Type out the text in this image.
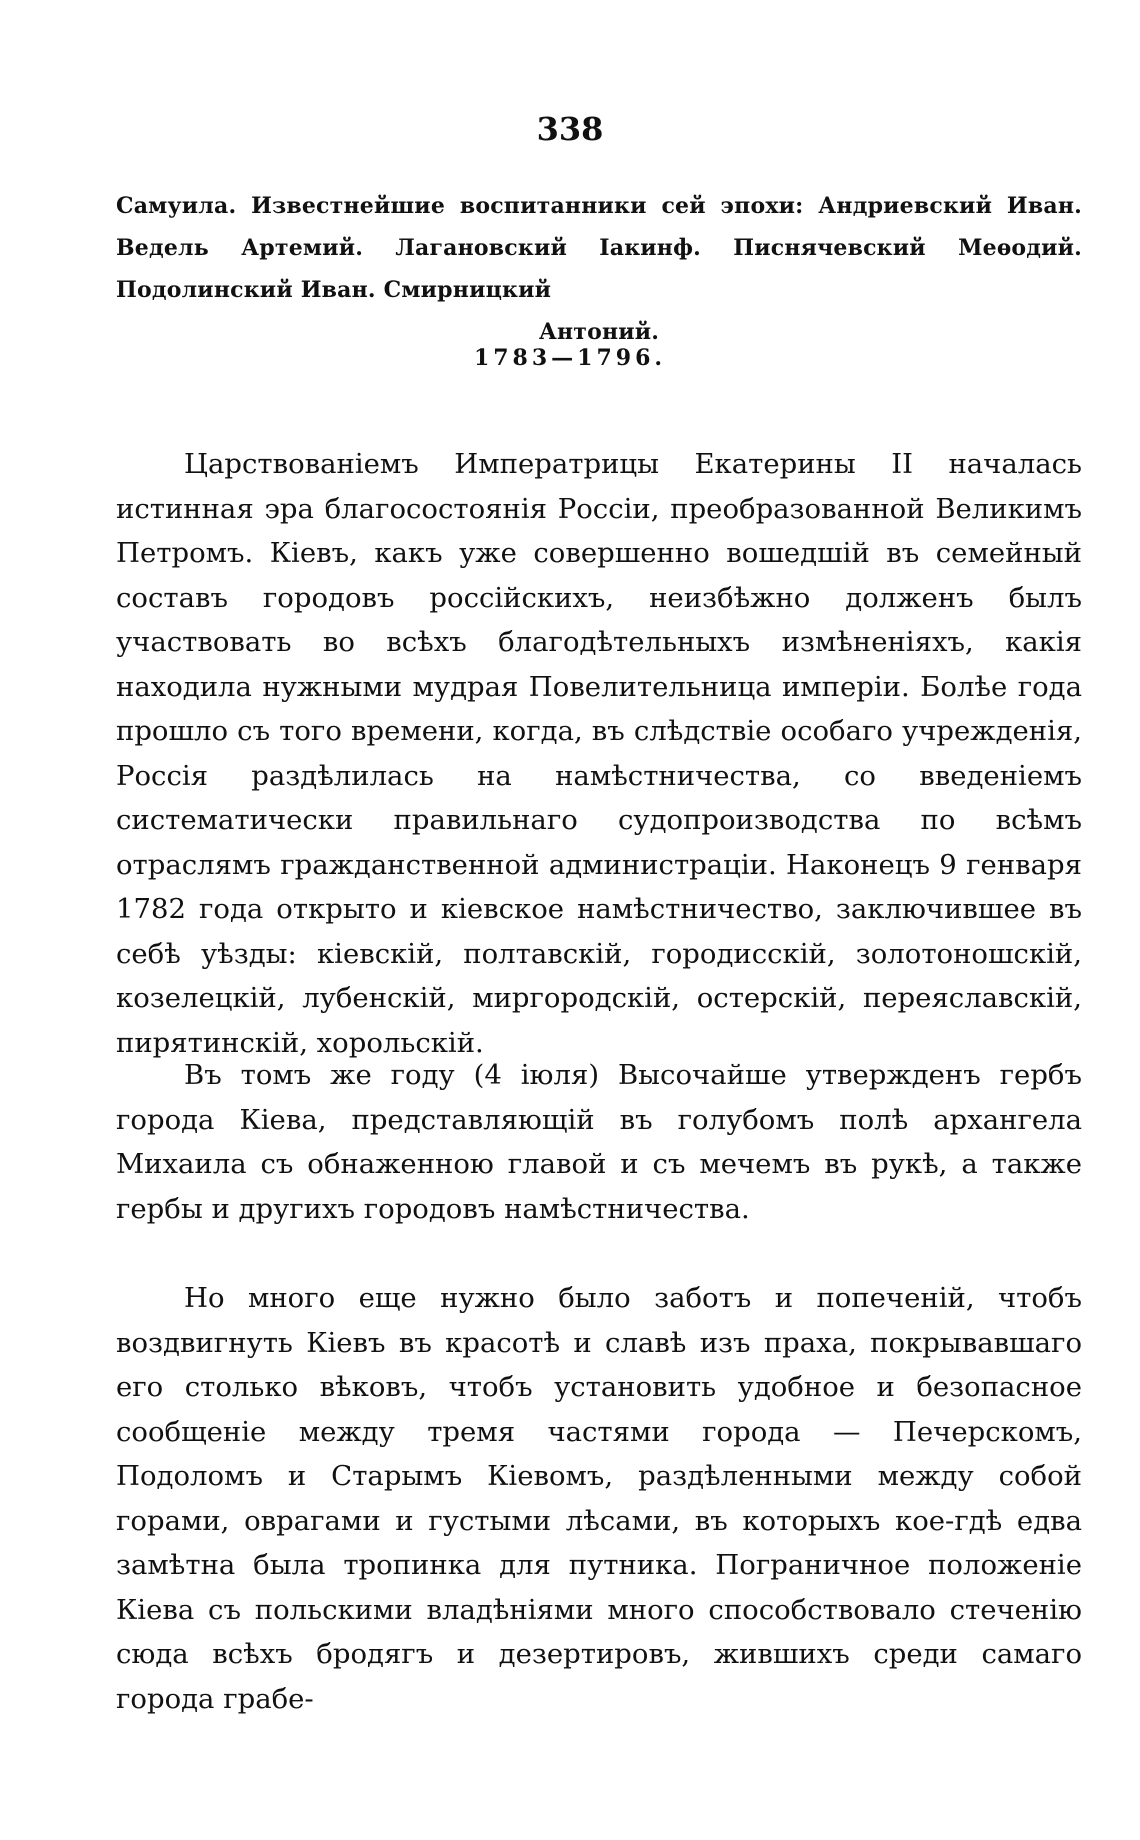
338
Самуила. Известнейшие воспитанники сей эпохи: Андриевский Иван. Ведель Артемий. Лагановский Іакинф. Писнячевский Меѳодий. Подолинский Иван. Смирницкий
Антоний.
1783—1796.

Царствованіемъ Императрицы Екатерины II началась истинная эра благосостоянія Россіи, преобразованной Великимъ Петромъ. Кіевъ, какъ уже совершенно вошедшій въ семейный составъ городовъ россійскихъ, неизбѣжно долженъ былъ участвовать во всѣхъ благодѣтельныхъ измѣненіяхъ, какія находила нужными мудрая Повелительница имперіи. Болѣе года прошло съ того времени, когда, въ слѣдствіе особаго учрежденія, Россія раздѣлилась на намѣстничества, со введеніемъ систематически правильнаго судопроизводства по всѣмъ отраслямъ гражданственной администраціи. Наконецъ 9 генваря 1782 года открыто и кіевское намѣстничество, заключившее въ себѣ уѣзды: кіевскій, полтавскій, городисскій, золотоношскій, козелецкій, лубенскій, миргородскій, остерскій, переяславскій, пирятинскій, хорольскій.

Въ томъ же году (4 іюля) Высочайше утвержденъ гербъ города Кіева, представляющій въ голубомъ полѣ архангела Михаила съ обнаженною главой и съ мечемъ въ рукѣ, а также гербы и другихъ городовъ намѣстничества.

Но много еще нужно было заботъ и попеченій, чтобъ воздвигнуть Кіевъ въ красотѣ и славѣ изъ праха, покрывавшаго его столько вѣковъ, чтобъ установить удобное и безопасное сообщеніе между тремя частями города — Печерскомъ, Подоломъ и Старымъ Кіевомъ, раздѣленными между собой горами, оврагами и густыми лѣсами, въ которыхъ кое-гдѣ едва замѣтна была тропинка для путника. Пограничное положеніе Кіева съ польскими владѣніями много способствовало стеченію сюда всѣхъ бродягъ и дезертировъ, жившихъ среди самаго города грабе-
